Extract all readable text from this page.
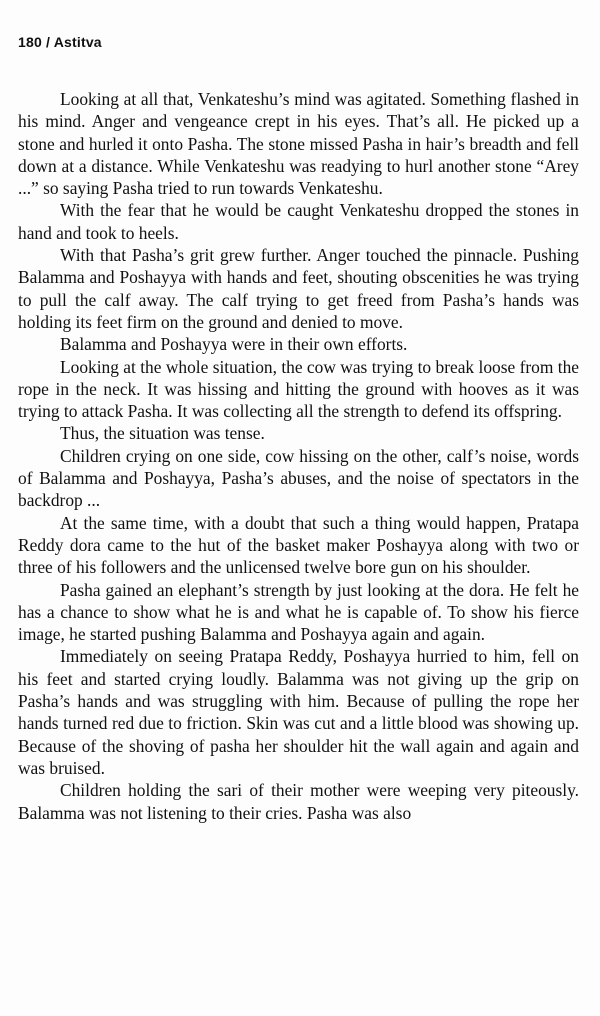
180 / Astitva

Looking at all that, Venkateshu’s mind was agitated. Something flashed in his mind. Anger and vengeance crept in his eyes. That’s all. He picked up a stone and hurled it onto Pasha. The stone missed Pasha in hair’s breadth and fell down at a distance. While Venkateshu was readying to hurl another stone “Arey ...” so saying Pasha tried to run towards Venkateshu.

With the fear that he would be caught Venkateshu dropped the stones in hand and took to heels.

With that Pasha’s grit grew further. Anger touched the pinnacle. Pushing Balamma and Poshayya with hands and feet, shouting obscenities he was trying to pull the calf away. The calf trying to get freed from Pasha’s hands was holding its feet firm on the ground and denied to move.

Balamma and Poshayya were in their own efforts.

Looking at the whole situation, the cow was trying to break loose from the rope in the neck. It was hissing and hitting the ground with hooves as it was trying to attack Pasha. It was collecting all the strength to defend its offspring.

Thus, the situation was tense.

Children crying on one side, cow hissing on the other, calf’s noise, words of Balamma and Poshayya, Pasha’s abuses, and the noise of spectators in the backdrop ...

At the same time, with a doubt that such a thing would happen, Pratapa Reddy dora came to the hut of the basket maker Poshayya along with two or three of his followers and the unlicensed twelve bore gun on his shoulder.

Pasha gained an elephant’s strength by just looking at the dora. He felt he has a chance to show what he is and what he is capable of. To show his fierce image, he started pushing Balamma and Poshayya again and again.

Immediately on seeing Pratapa Reddy, Poshayya hurried to him, fell on his feet and started crying loudly. Balamma was not giving up the grip on Pasha’s hands and was struggling with him. Because of pulling the rope her hands turned red due to friction. Skin was cut and a little blood was showing up. Because of the shoving of pasha her shoulder hit the wall again and again and was bruised.

Children holding the sari of their mother were weeping very piteously. Balamma was not listening to their cries. Pasha was also
